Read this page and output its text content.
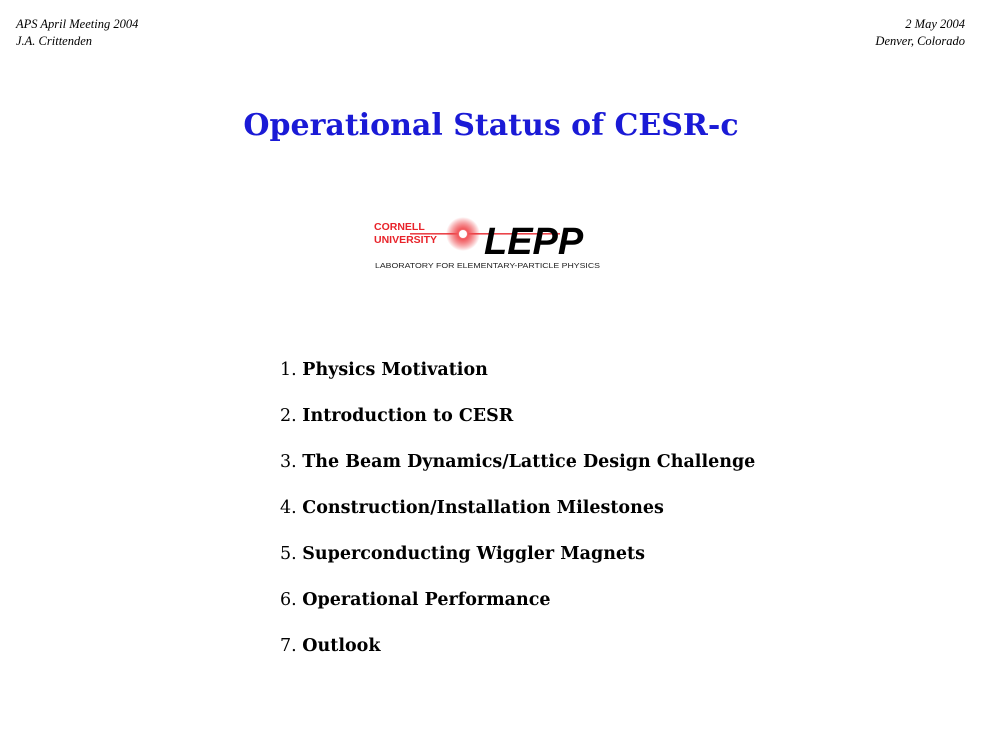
APS April Meeting 2004
J.A. Crittenden
2 May 2004
Denver, Colorado
Operational Status of CESR-c
CORNELL
UNIVERSITY LEPP
LABORATORY FOR ELEMENTARY-PARTICLE PHYSICS
1. Physics Motivation
2. Introduction to CESR
3. The Beam Dynamics/Lattice Design Challenge
4. Construction/Installation Milestones
5. Superconducting Wiggler Magnets
6. Operational Performance
7. Outlook
